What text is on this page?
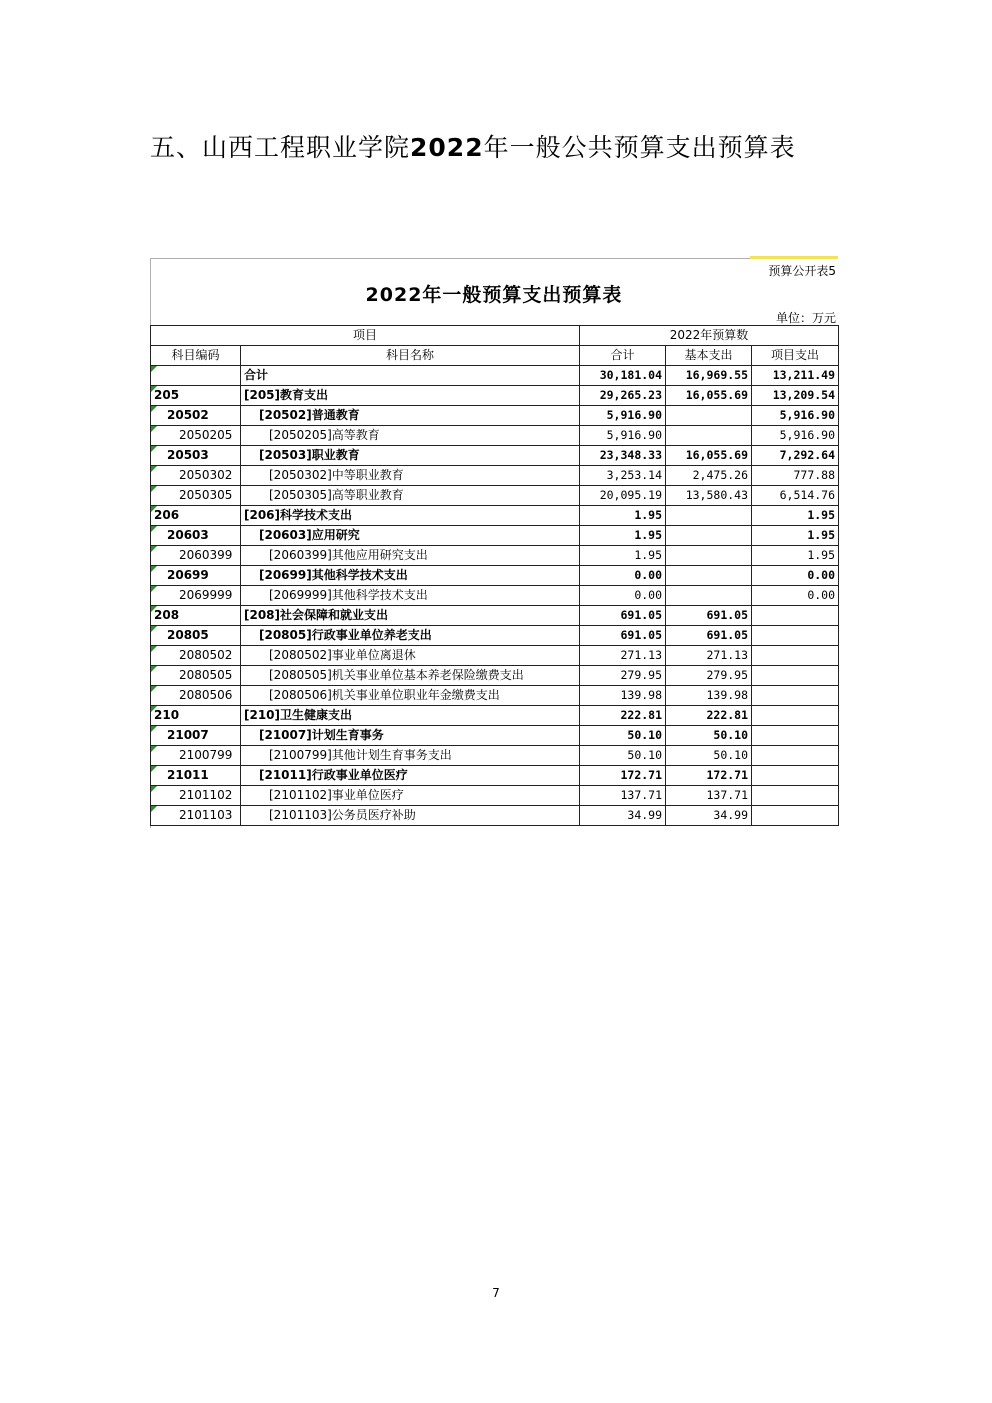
五、山西工程职业学院2022年一般公共预算支出预算表
预算公开表5
2022年一般预算支出预算表
单位：万元
项目		2022年预算数		
科目编码	科目名称	合计	基本支出	项目支出
	合计	30,181.04	16,969.55	13,211.49
205	[205]教育支出	29,265.23	16,055.69	13,209.54
20502	[20502]普通教育	5,916.90		5,916.90
2050205	[2050205]高等教育	5,916.90		5,916.90
20503	[20503]职业教育	23,348.33	16,055.69	7,292.64
2050302	[2050302]中等职业教育	3,253.14	2,475.26	777.88
2050305	[2050305]高等职业教育	20,095.19	13,580.43	6,514.76
206	[206]科学技术支出	1.95		1.95
20603	[20603]应用研究	1.95		1.95
2060399	[2060399]其他应用研究支出	1.95		1.95
20699	[20699]其他科学技术支出	0.00		0.00
2069999	[2069999]其他科学技术支出	0.00		0.00
208	[208]社会保障和就业支出	691.05	691.05	
20805	[20805]行政事业单位养老支出	691.05	691.05	
2080502	[2080502]事业单位离退休	271.13	271.13	
2080505	[2080505]机关事业单位基本养老保险缴费支出	279.95	279.95	
2080506	[2080506]机关事业单位职业年金缴费支出	139.98	139.98	
210	[210]卫生健康支出	222.81	222.81	
21007	[21007]计划生育事务	50.10	50.10	
2100799	[2100799]其他计划生育事务支出	50.10	50.10	
21011	[21011]行政事业单位医疗	172.71	172.71	
2101102	[2101102]事业单位医疗	137.71	137.71	
2101103	[2101103]公务员医疗补助	34.99	34.99	
7
